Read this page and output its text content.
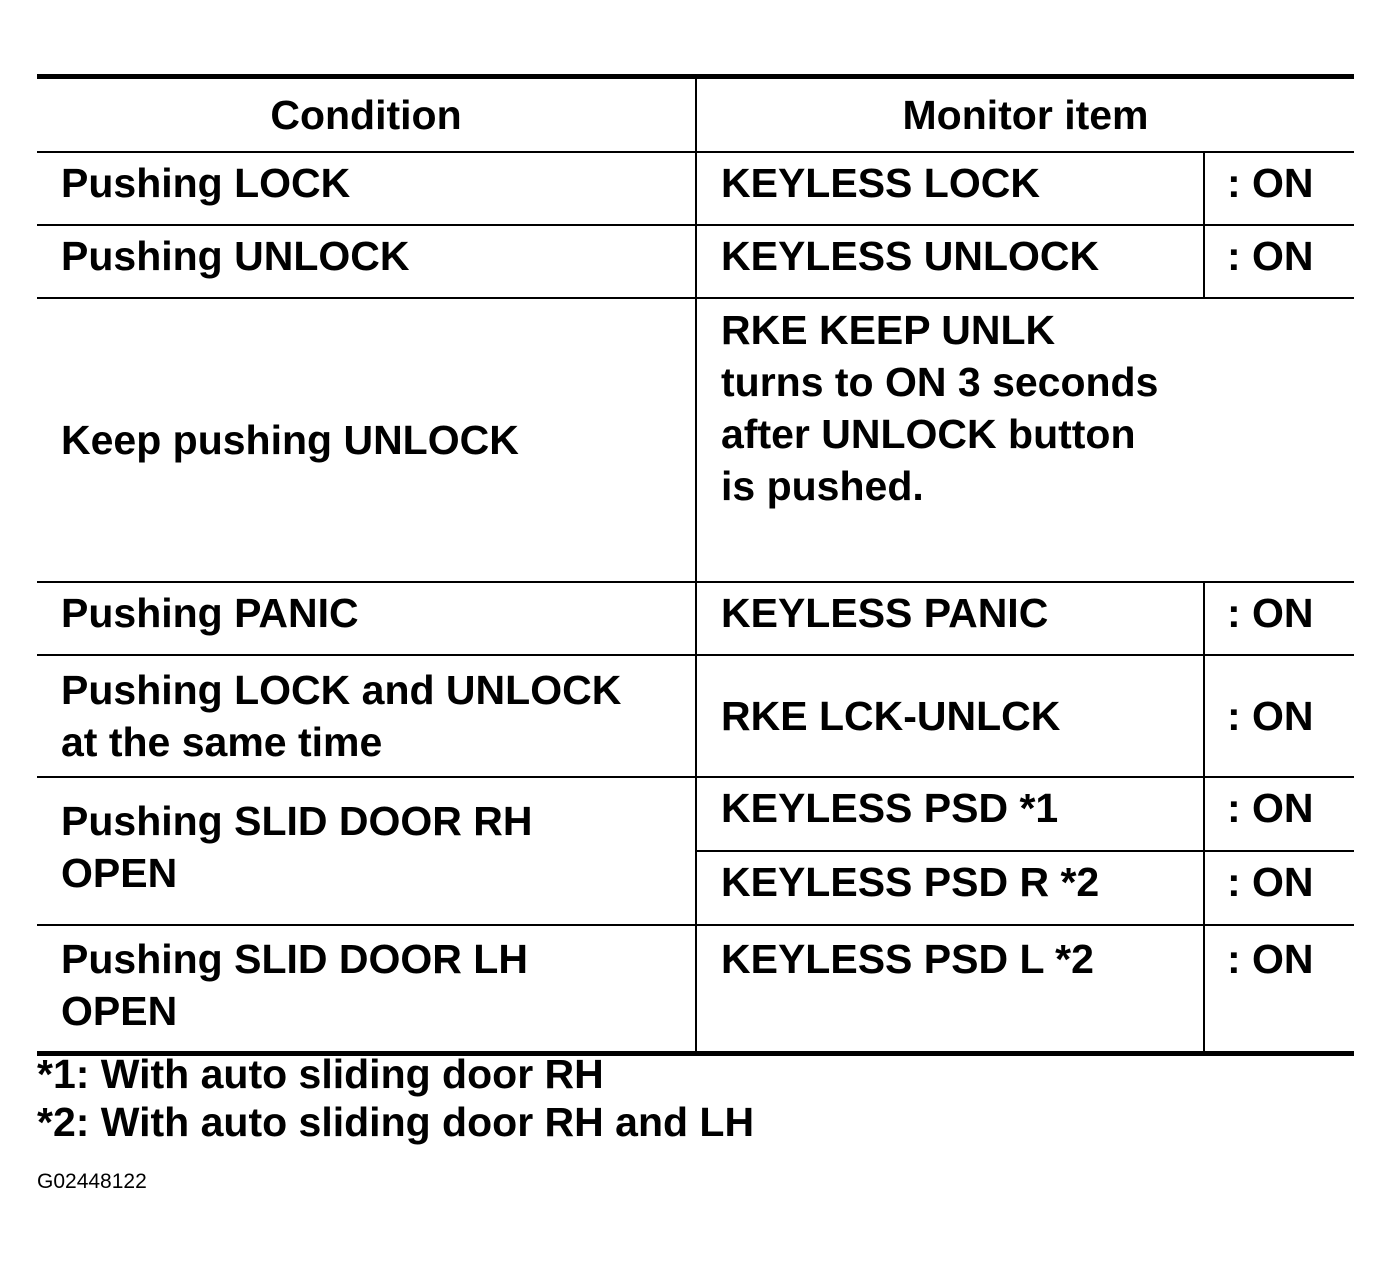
Condition	Monitor item	

Pushing LOCK	KEYLESS LOCK	: ON

Pushing UNLOCK	KEYLESS UNLOCK	: ON

Keep pushing UNLOCK	RKE KEEP UNLK
turns to ON 3 seconds
after UNLOCK button
is pushed.	

Pushing PANIC	KEYLESS PANIC	: ON

Pushing LOCK and UNLOCK
at the same time	RKE LCK-UNLCK	: ON

Pushing SLID DOOR RH
OPEN	KEYLESS PSD *1	: ON

	KEYLESS PSD R *2	: ON

Pushing SLID DOOR LH
OPEN	KEYLESS PSD L *2	: ON
*1: With auto sliding door RH
*2: With auto sliding door RH and LH
G02448122
